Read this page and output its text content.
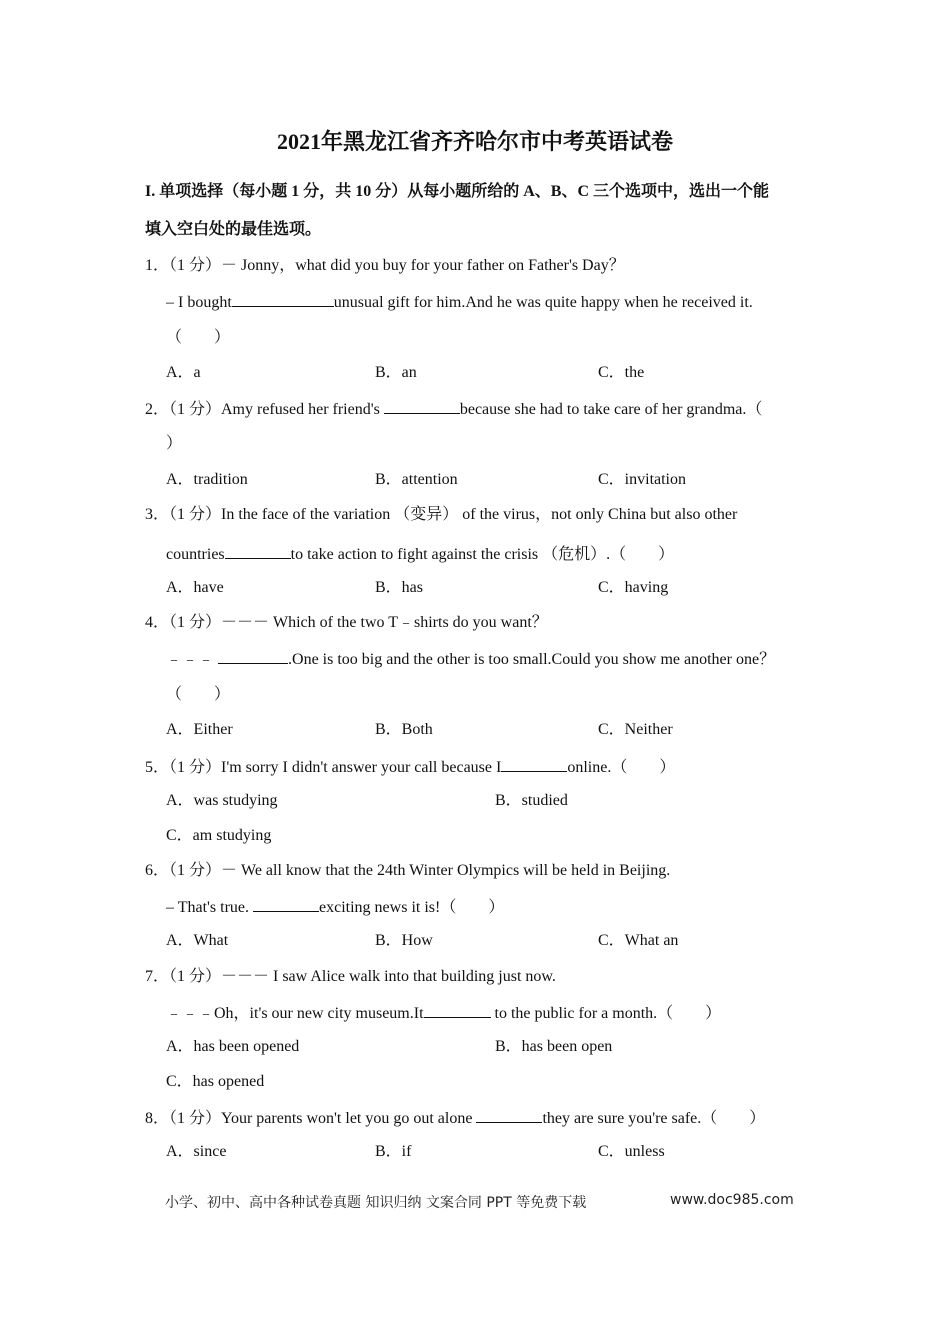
2021年黑龙江省齐齐哈尔市中考英语试卷
I. 单项选择（每小题 1 分，共 10 分）从每小题所给的 A、B、C 三个选项中，选出一个能
填入空白处的最佳选项。
1．（1 分）－ Jonny，what did you buy for your father on Father's Day？
– I bought	unusual gift for him.And he was quite happy when he received it.
（　　）
A．a	B．an	C．the
2．（1 分）Amy refused her friend's	because she had to take care of her grandma.（
）
A．tradition	B．attention	C．invitation
3．（1 分）In the face of the variation （变异） of the virus，not only China but also other
countries	to take action to fight against the crisis （危机）.（　　）
A．have	B．has	C．having
4．（1 分）－－－ Which of the two T﹣shirts do you want？
﹣﹣﹣	.One is too big and the other is too small.Could you show me another one？
（　　）
A．Either	B．Both	C．Neither
5．（1 分）I'm sorry I didn't answer your call because I	online.（　　）
A．was studying	B．studied
C．am studying
6．（1 分）－ We all know that the 24th Winter Olympics will be held in Beijing.
– That's true.	exciting news it is!（　　）
A．What	B．How	C．What an
7．（1 分）－－－ I saw Alice walk into that building just now.
﹣﹣﹣Oh，it's our new city museum.It	to the public for a month.（　　）
A．has been opened	B．has been open
C．has opened
8．（1 分）Your parents won't let you go out alone	they are sure you're safe.（　　）
A．since	B．if	C．unless
小学、初中、高中各种试卷真题 知识归纳 文案合同 PPT 等免费下载	www.doc985.com
